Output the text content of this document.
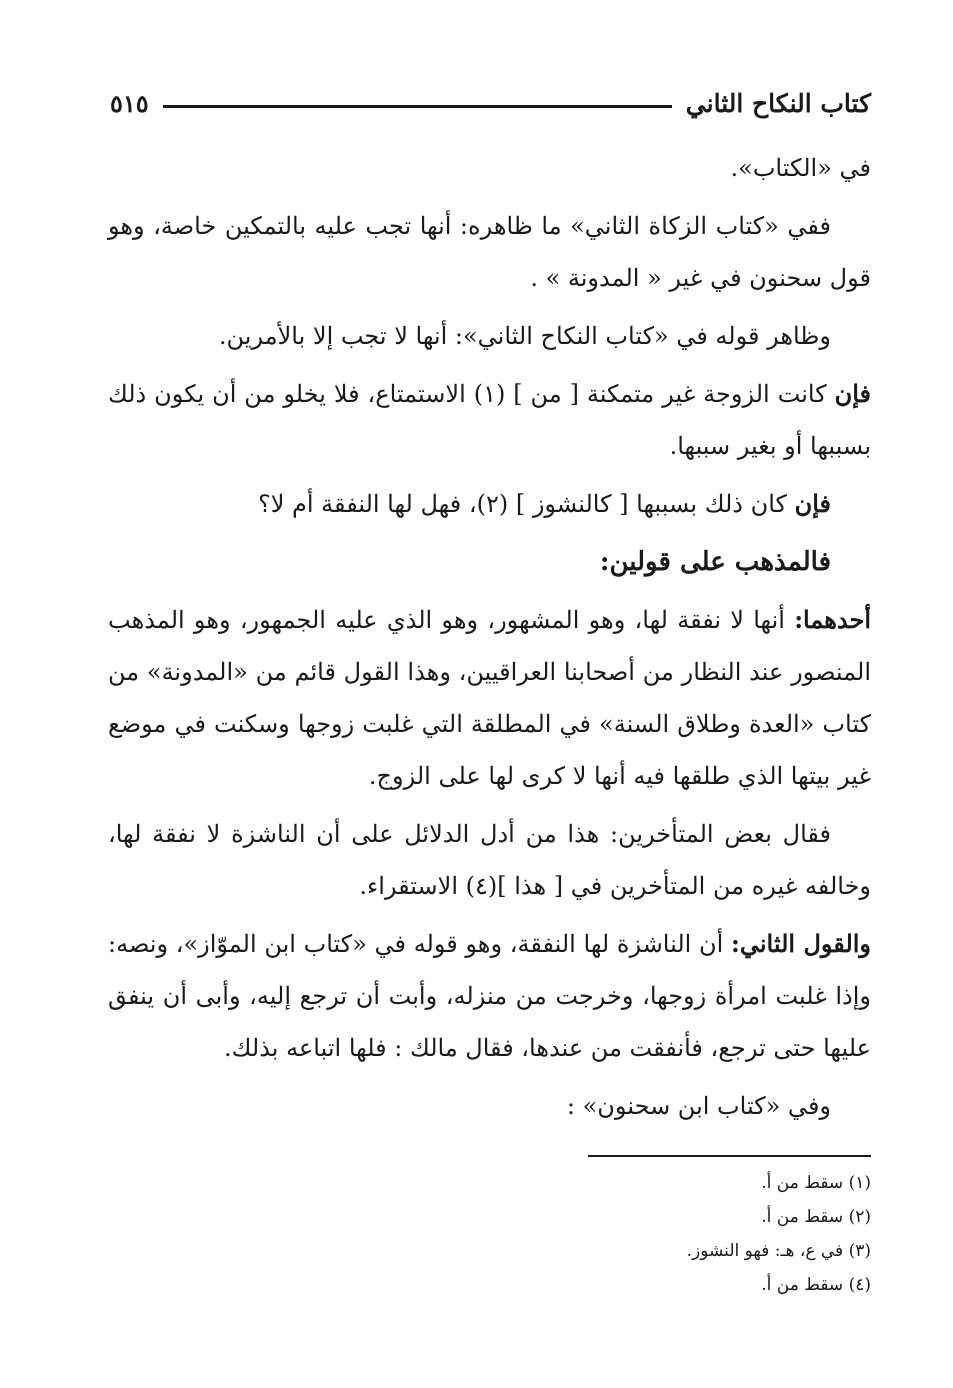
كتاب النكاح الثاني
٥١٥

في «الكتاب».

ففي «كتاب الزكاة الثاني» ما ظاهره: أنها تجب عليه بالتمكين خاصة، وهو قول سحنون في غير « المدونة » .

وظاهر قوله في «كتاب النكاح الثاني»: أنها لا تجب إلا بالأمرين.

فإن كانت الزوجة غير متمكنة [ من ] (١) الاستمتاع، فلا يخلو من أن يكون ذلك بسببها أو بغير سببها.

فإن كان ذلك بسببها [ كالنشوز ] (٢)، فهل لها النفقة أم لا؟

فالمذهب على قولين:

أحدهما: أنها لا نفقة لها، وهو المشهور، وهو الذي عليه الجمهور، وهو المذهب المنصور عند النظار من أصحابنا العراقيين، وهذا القول قائم من «المدونة» من كتاب «العدة وطلاق السنة» في المطلقة التي غلبت زوجها وسكنت في موضع غير بيتها الذي طلقها فيه أنها لا كرى لها على الزوج.

فقال بعض المتأخرين: هذا من أدل الدلائل على أن الناشزة لا نفقة لها، وخالفه غيره من المتأخرين في [ هذا ](٤) الاستقراء.

والقول الثاني: أن الناشزة لها النفقة، وهو قوله في «كتاب ابن الموّاز»، ونصه: وإذا غلبت امرأة زوجها، وخرجت من منزله، وأبت أن ترجع إليه، وأبى أن ينفق عليها حتى ترجع، فأنفقت من عندها، فقال مالك : فلها اتباعه بذلك.

وفي «كتاب ابن سحنون» :

(١) سقط من أ.

(٢) سقط من أ.

(٣) في ع، هـ: فهو النشوز.

(٤) سقط من أ.
